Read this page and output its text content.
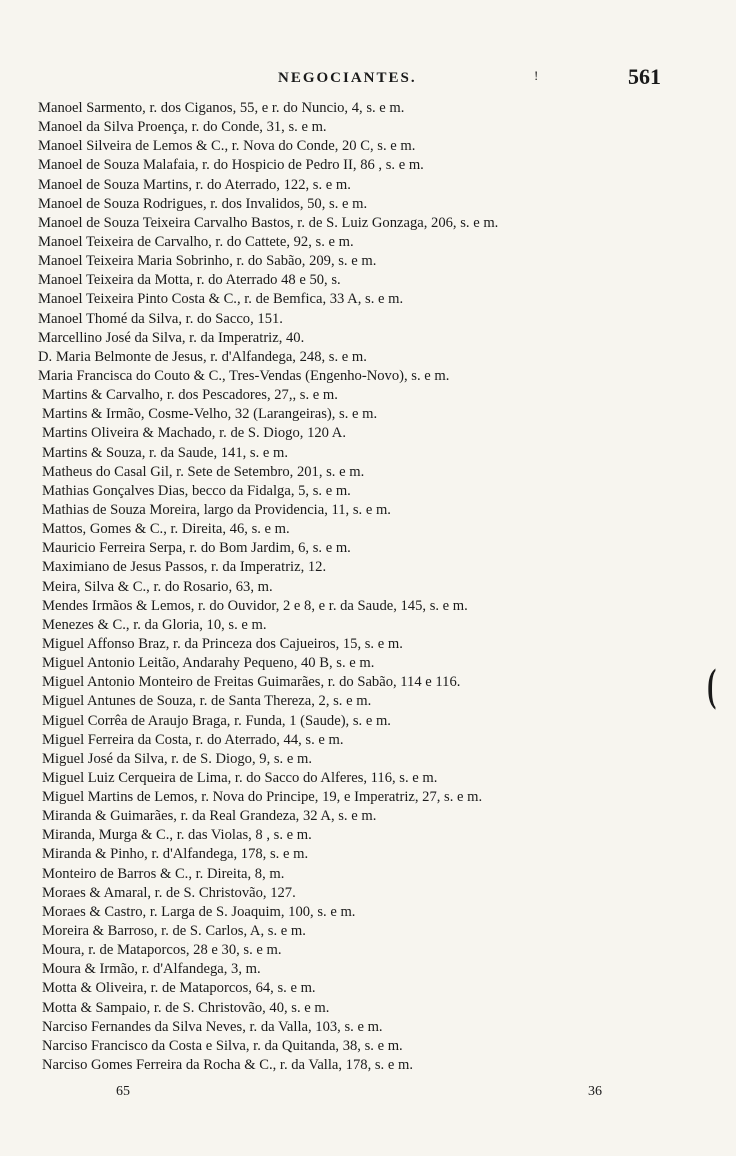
NEGOCIANTES.	!	561
Manoel Sarmento, r. dos Ciganos, 55, e r. do Nuncio, 4, s. e m.
Manoel da Silva Proença, r. do Conde, 31, s. e m.
Manoel Silveira de Lemos & C., r. Nova do Conde, 20 C, s. e m.
Manoel de Souza Malafaia, r. do Hospicio de Pedro II, 86 , s. e m.
Manoel de Souza Martins, r. do Aterrado, 122, s. e m.
Manoel de Souza Rodrigues, r. dos Invalidos, 50, s. e m.
Manoel de Souza Teixeira Carvalho Bastos, r. de S. Luiz Gonzaga, 206, s. e m.
Manoel Teixeira de Carvalho, r. do Cattete, 92, s. e m.
Manoel Teixeira Maria Sobrinho, r. do Sabão, 209, s. e m.
Manoel Teixeira da Motta, r. do Aterrado 48 e 50, s.
Manoel Teixeira Pinto Costa & C., r. de Bemfica, 33 A, s. e m.
Manoel Thomé da Silva, r. do Sacco, 151.
Marcellino José da Silva, r. da Imperatriz, 40.
D. Maria Belmonte de Jesus, r. d'Alfandega, 248, s. e m.
Maria Francisca do Couto & C., Tres-Vendas (Engenho-Novo), s. e m.
Martins & Carvalho, r. dos Pescadores, 27,, s. e m.
Martins & Irmão, Cosme-Velho, 32 (Larangeiras), s. e m.
Martins Oliveira & Machado, r. de S. Diogo, 120 A.
Martins & Souza, r. da Saude, 141, s. e m.
Matheus do Casal Gil, r. Sete de Setembro, 201, s. e m.
Mathias Gonçalves Dias, becco da Fidalga, 5, s. e m.
Mathias de Souza Moreira, largo da Providencia, 11, s. e m.
Mattos, Gomes & C., r. Direita, 46, s. e m.
Mauricio Ferreira Serpa, r. do Bom Jardim, 6, s. e m.
Maximiano de Jesus Passos, r. da Imperatriz, 12.
Meira, Silva & C., r. do Rosario, 63, m.
Mendes Irmãos & Lemos, r. do Ouvidor, 2 e 8, e r. da Saude, 145, s. e m.
Menezes & C., r. da Gloria, 10, s. e m.
Miguel Affonso Braz, r. da Princeza dos Cajueiros, 15, s. e m.
Miguel Antonio Leitão, Andarahy Pequeno, 40 B, s. e m.
Miguel Antonio Monteiro de Freitas Guimarães, r. do Sabão, 114 e 116.
Miguel Antunes de Souza, r. de Santa Thereza, 2, s. e m.
Miguel Corrêa de Araujo Braga, r. Funda, 1 (Saude), s. e m.
Miguel Ferreira da Costa, r. do Aterrado, 44, s. e m.
Miguel José da Silva, r. de S. Diogo, 9, s. e m.
Miguel Luiz Cerqueira de Lima, r. do Sacco do Alferes, 116, s. e m.
Miguel Martins de Lemos, r. Nova do Principe, 19, e Imperatriz, 27, s. e m.
Miranda & Guimarães, r. da Real Grandeza, 32 A, s. e m.
Miranda, Murga & C., r. das Violas, 8 , s. e m.
Miranda & Pinho, r. d'Alfandega, 178, s. e m.
Monteiro de Barros & C., r. Direita, 8, m.
Moraes & Amaral, r. de S. Christovão, 127.
Moraes & Castro, r. Larga de S. Joaquim, 100, s. e m.
Moreira & Barroso, r. de S. Carlos, A, s. e m.
Moura, r. de Mataporcos, 28 e 30, s. e m.
Moura & Irmão, r. d'Alfandega, 3, m.
Motta & Oliveira, r. de Mataporcos, 64, s. e m.
Motta & Sampaio, r. de S. Christovão, 40, s. e m.
Narciso Fernandes da Silva Neves, r. da Valla, 103, s. e m.
Narciso Francisco da Costa e Silva, r. da Quitanda, 38, s. e m.
Narciso Gomes Ferreira da Rocha & C., r. da Valla, 178, s. e m.
(
65	36
